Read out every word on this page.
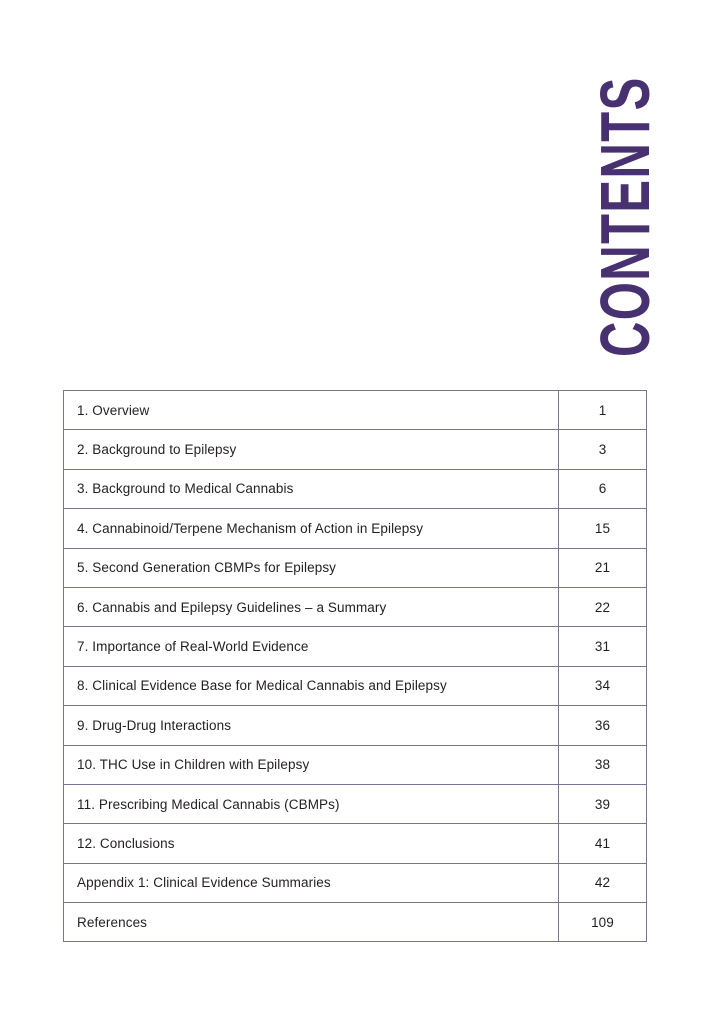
CONTENTS
1. Overview	1
2. Background to Epilepsy	3
3. Background to Medical Cannabis	6
4. Cannabinoid/Terpene Mechanism of Action in Epilepsy	15
5. Second Generation CBMPs for Epilepsy	21
6. Cannabis and Epilepsy Guidelines – a Summary	22
7. Importance of Real-World Evidence	31
8. Clinical Evidence Base for Medical Cannabis and Epilepsy	34
9. Drug-Drug Interactions	36
10. THC Use in Children with Epilepsy	38
11. Prescribing Medical Cannabis (CBMPs)	39
12. Conclusions	41
Appendix 1: Clinical Evidence Summaries	42
References	109
